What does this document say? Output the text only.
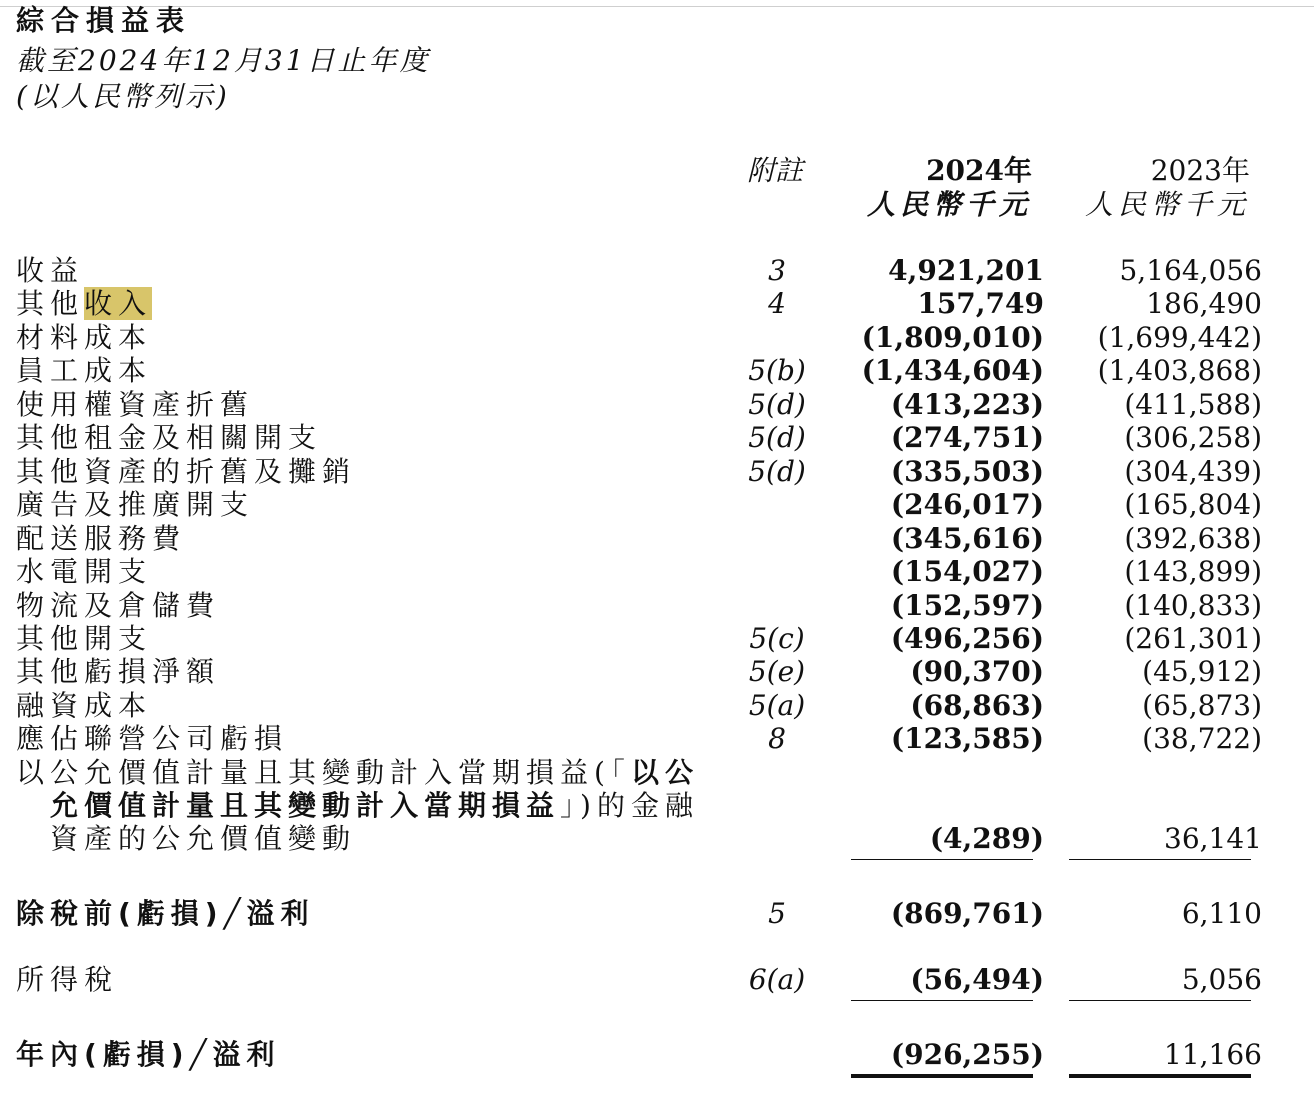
綜合損益表
截至2024年12月31日止年度
(以人民幣列示)
附註	2024年	2023年
人民幣千元 人民幣千元
收益	3	4,921,201	5,164,056
其他收入	4	157,749	186,490
材料成本	(1,809,010) (1,699,442)
員工成本	5(b)	(1,434,604) (1,403,868)
使用權資產折舊	5(d)	(413,223)	(411,588)
其他租金及相關開支	5(d)	(274,751)	(306,258)
其他資產的折舊及攤銷	5(d)	(335,503)	(304,439)
廣告及推廣開支	(246,017)	(165,804)
配送服務費	(345,616)	(392,638)
水電開支	(154,027)	(143,899)
物流及倉儲費	(152,597)	(140,833)
其他開支	5(c)	(496,256)	(261,301)
其他虧損淨額	5(e)	(90,370)	(45,912)
融資成本	5(a)	(68,863)	(65,873)
應佔聯營公司虧損	8	(123,585)	(38,722)
以公允價值計量且其變動計入當期損益(「以公
允價值計量且其變動計入當期損益」)的金融
資產的公允價值變動	(4,289)	36,141
除稅前(虧損)╱溢利	5	(869,761)	6,110
所得稅	6(a)	(56,494)	5,056
年內(虧損)╱溢利	(926,255)	11,166
